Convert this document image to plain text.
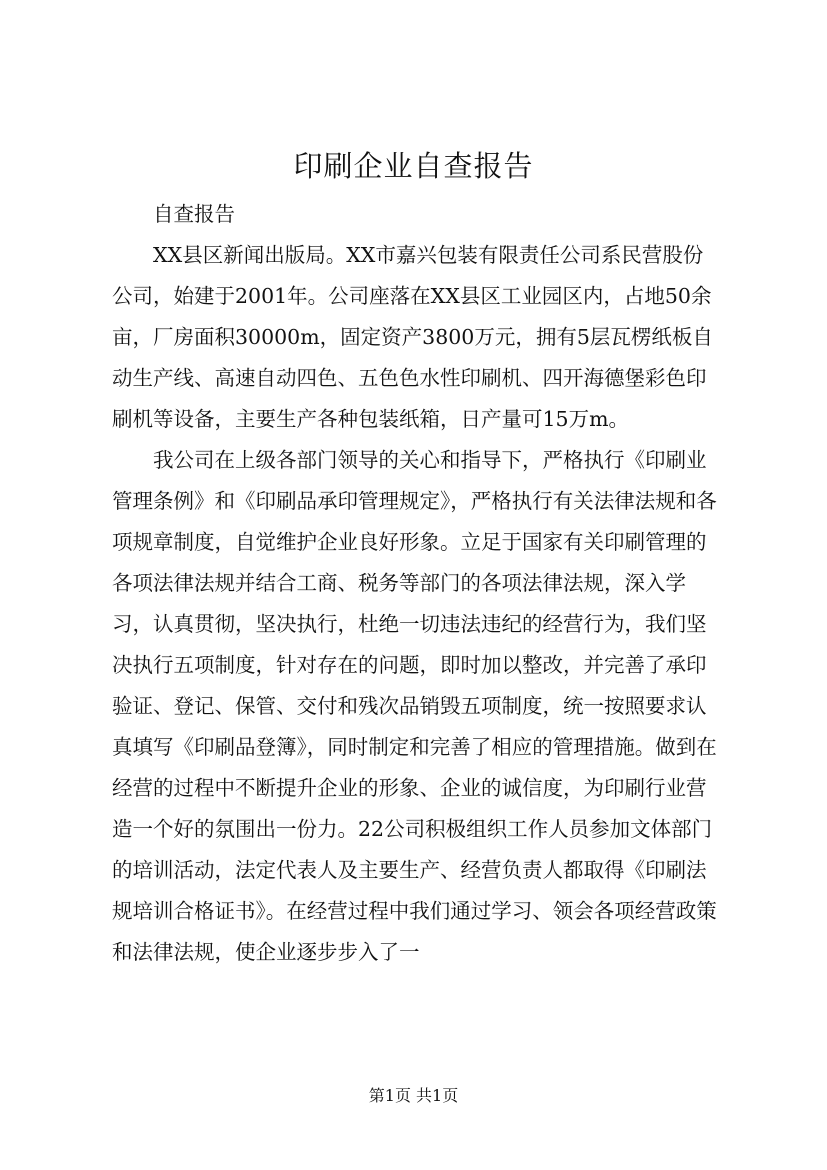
印刷企业自查报告

自查报告

XX县区新闻出版局。XX市嘉兴包装有限责任公司系民营股份公司，始建于2001年。公司座落在XX县区工业园区内，占地50余亩，厂房面积30000m，固定资产3800万元，拥有5层瓦楞纸板自动生产线、高速自动四色、五色色水性印刷机、四开海德堡彩色印刷机等设备，主要生产各种包装纸箱，日产量可15万m。

我公司在上级各部门领导的关心和指导下，严格执行《印刷业管理条例》和《印刷品承印管理规定》，严格执行有关法律法规和各项规章制度，自觉维护企业良好形象。立足于国家有关印刷管理的各项法律法规并结合工商、税务等部门的各项法律法规，深入学习，认真贯彻，坚决执行，杜绝一切违法违纪的经营行为，我们坚决执行五项制度，针对存在的问题，即时加以整改，并完善了承印验证、登记、保管、交付和残次品销毁五项制度，统一按照要求认真填写《印刷品登簿》，同时制定和完善了相应的管理措施。做到在经营的过程中不断提升企业的形象、企业的诚信度，为印刷行业营造一个好的氛围出一份力。22公司积极组织工作人员参加文体部门的培训活动，法定代表人及主要生产、经营负责人都取得《印刷法规培训合格证书》。在经营过程中我们通过学习、领会各项经营政策和法律法规，使企业逐步步入了一

第1页 共1页
